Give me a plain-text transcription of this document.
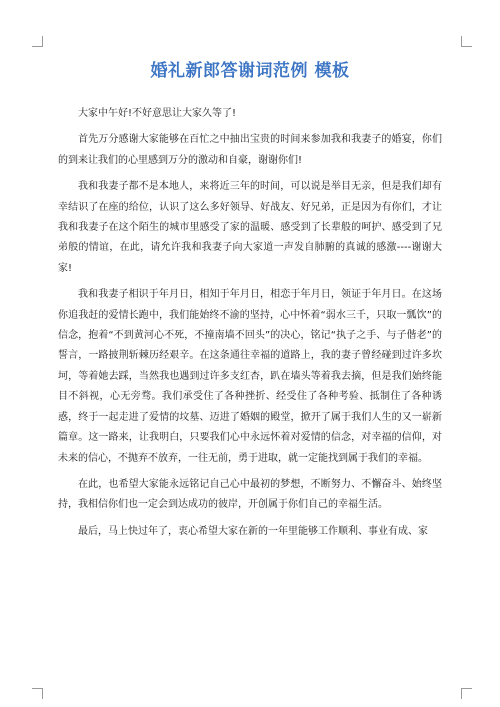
婚礼新郎答谢词范例 模板

大家中午好!不好意思让大家久等了!

首先万分感谢大家能够在百忙之中抽出宝贵的时间来参加我和我妻子的婚宴，你们的到来让我们的心里感到万分的激动和自豪，谢谢你们!

我和我妻子都不是本地人，来将近三年的时间，可以说是举目无亲，但是我们却有幸结识了在座的给位，认识了这么多好领导、好战友、好兄弟，正是因为有你们，才让我和我妻子在这个陌生的城市里感受了家的温暖、感受到了长辈般的呵护、感受到了兄弟般的情谊，在此，请允许我和我妻子向大家道一声发自肺腑的真诚的感激----谢谢大家!

我和我妻子相识于年月日，相知于年月日，相恋于年月日，领证于年月日。在这场你追我赶的爱情长跑中，我们能始终不渝的坚持，心中怀着“弱水三千，只取一瓢饮”的信念，抱着“不到黄河心不死，不撞南墙不回头”的决心，铭记“执子之手、与子偕老”的誓言，一路披荆斩棘历经艰辛。在这条通往幸福的道路上，我的妻子曾经碰到过许多坎坷，等着她去踩，当然我也遇到过许多支红杏，趴在墙头等着我去摘，但是我们始终能目不斜视，心无旁骛。我们承受住了各种挫折、经受住了各种考验、抵制住了各种诱惑，终于一起走进了爱情的坟墓、迈进了婚姻的殿堂，掀开了属于我们人生的又一崭新篇章。这一路来，让我明白，只要我们心中永远怀着对爱情的信念，对幸福的信仰，对未来的信心，不抛弃不放弃，一往无前，勇于进取，就一定能找到属于我们的幸福。

在此，也希望大家能永远铭记自己心中最初的梦想，不断努力、不懈奋斗、始终坚持，我相信你们也一定会到达成功的彼岸，开创属于你们自己的幸福生活。

最后，马上快过年了，衷心希望大家在新的一年里能够工作顺利、事业有成、家
